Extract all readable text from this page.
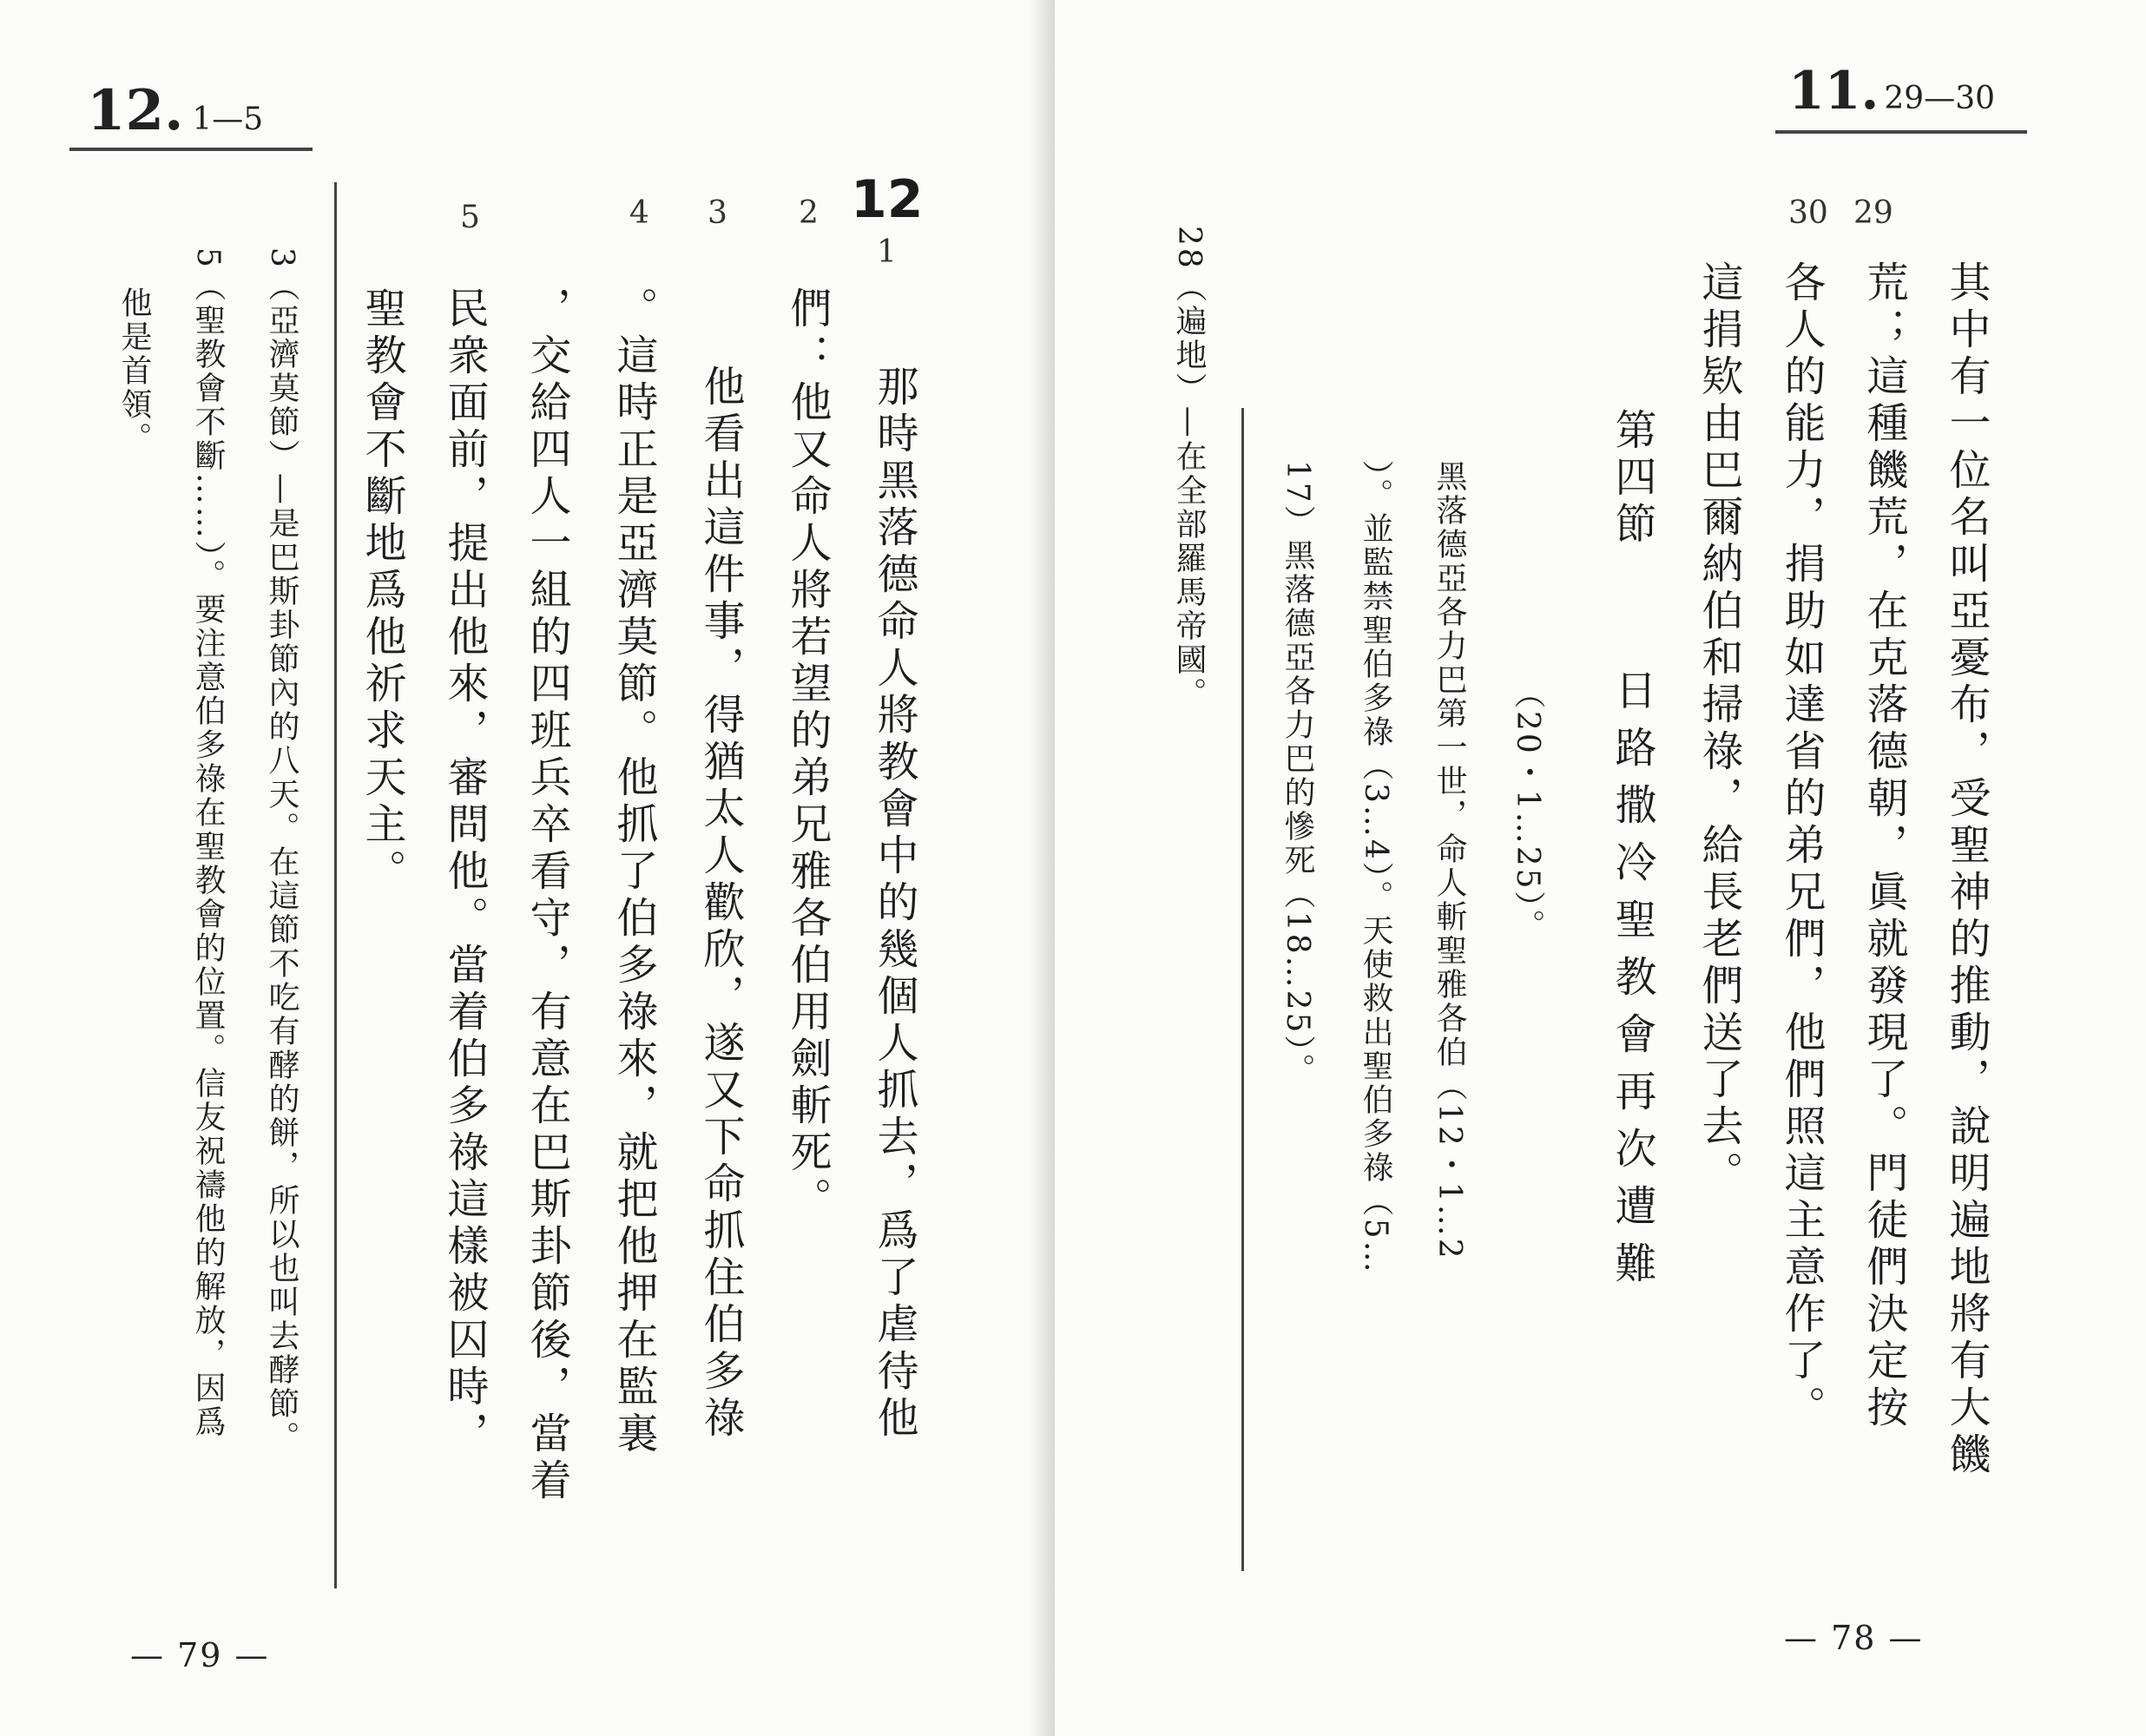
12. 1—5
12
1
2
3
4
5
那時黑落德命人將教會中的幾個人抓去，爲了虐待他
們：他又命人將若望的弟兄雅各伯用劍斬死。
他看出這件事，得猶太人歡欣，遂又下命抓住伯多祿
。這時正是亞濟莫節。他抓了伯多祿來，就把他押在監裏
，交給四人一組的四班兵卒看守，有意在巴斯卦節後，當着
民衆面前，提出他來，審問他。當着伯多祿這樣被囚時，
聖教會不斷地爲他祈求天主。
3（亞濟莫節）—是巴斯卦節內的八天。在這節不吃有酵的餅，所以也叫去酵節。
5（聖教會不斷……）。要注意伯多祿在聖教會的位置。信友祝禱他的解放，因爲
他是首領。
— 79 —
11. 29—30
29
30
其中有一位名叫亞憂布，受聖神的推動，說明遍地將有大饑
荒；這種饑荒，在克落德朝，眞就發現了。門徒們決定按
各人的能力，捐助如達省的弟兄們，他們照這主意作了。
這捐欵由巴爾納伯和掃祿，給長老們送了去。
第四節
日路撒冷聖教會再次遭難
（20・1…25）。
黑落德亞各力巴第一世，命人斬聖雅各伯（12・1…2
）。並監禁聖伯多祿（3…4）。天使救出聖伯多祿（5…
17）黑落德亞各力巴的慘死（18…25）。
28（遍地）—在全部羅馬帝國。
— 78 —
